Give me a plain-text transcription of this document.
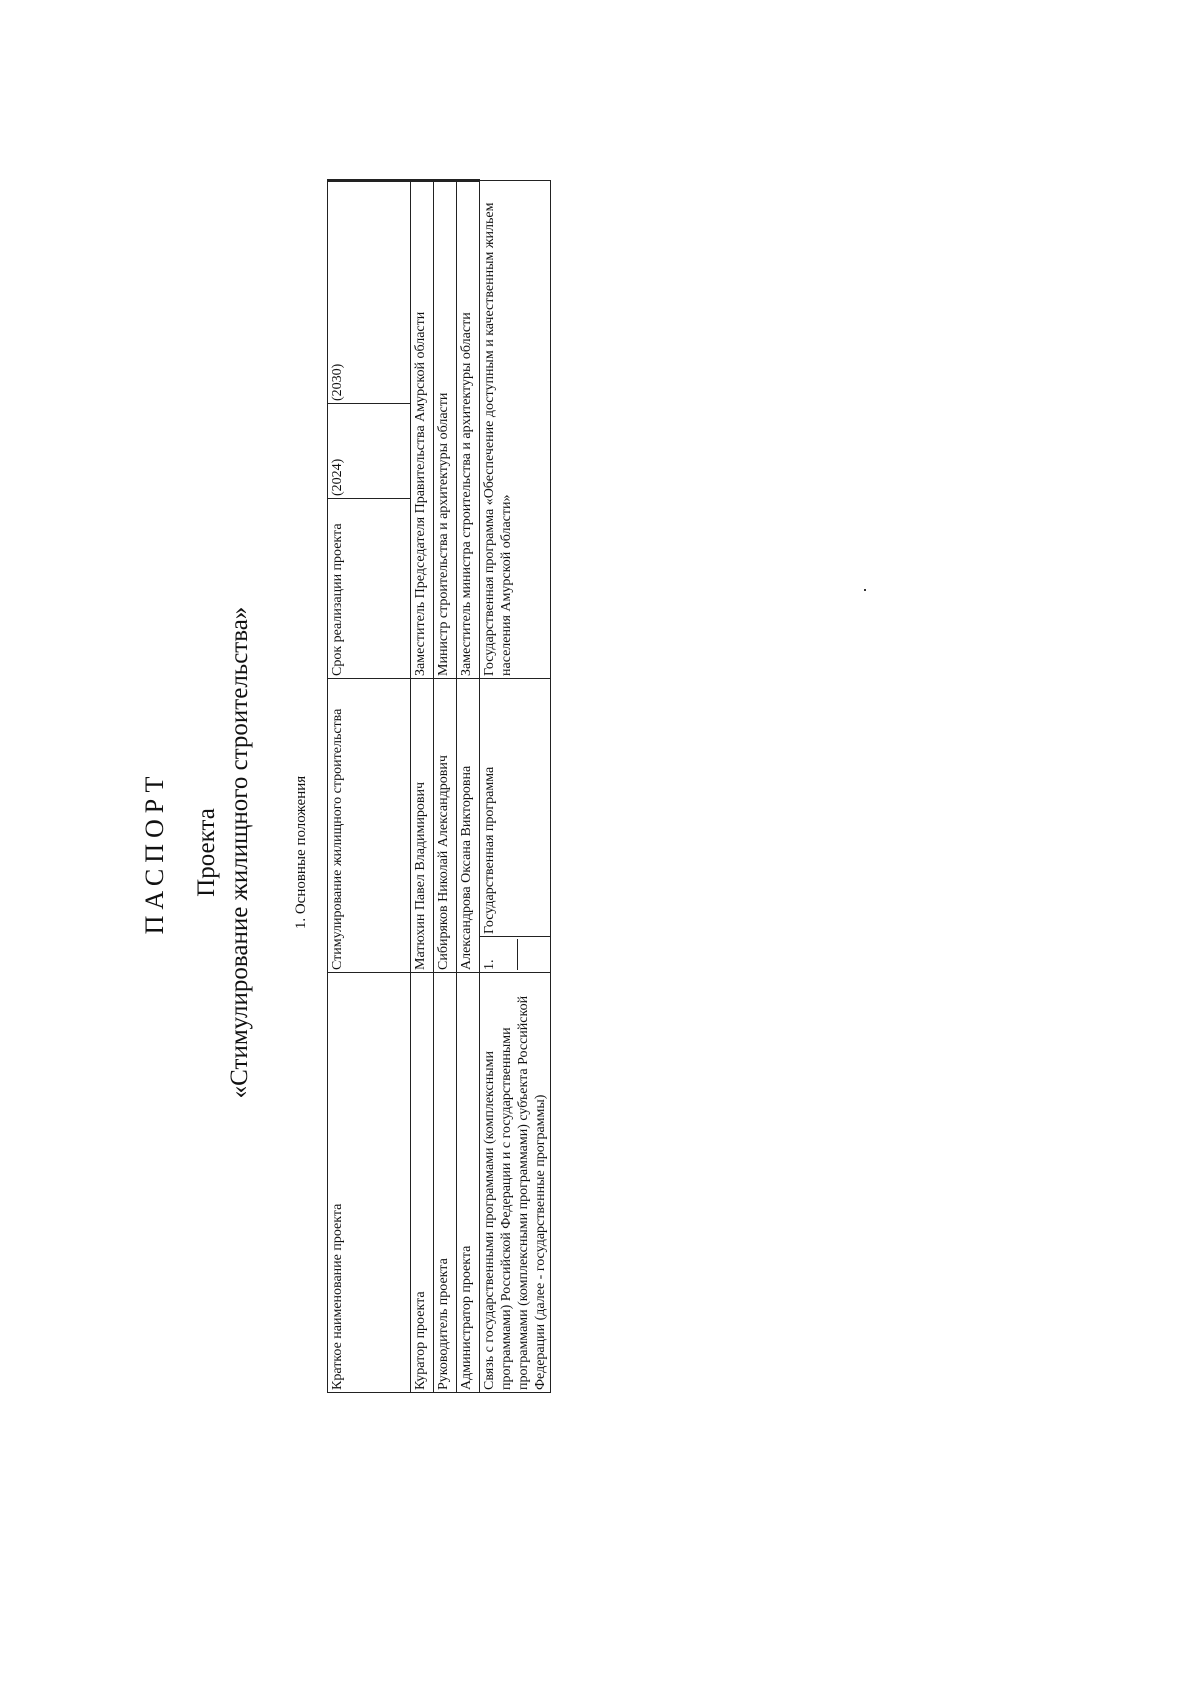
ПАСПОРТ Проекта «Стимулирование жилищного строительства»	1. Основные положения
Краткое наименование проекта	Стимулирование жилищного строительства		Срок реализации проекта	(2024)	(2030)
Куратор проекта	Матюхин Павел Владимирович		Заместитель Председателя Правительства Амурской области		
Руководитель проекта	Сибиряков Николай Александрович		Министр строительства и архитектуры области		
Администратор проекта	Александрова Оксана Викторовна		Заместитель министра строительства и архитектуры области		
Связь с государственными программами (комплексными программами) Российской Федерации и с государственными программами (комплексными программами) субъекта Российской Федерации (далее - государственные программы)	1.	Государственная программа	Государственная программа «Обеспечение доступным и качественным жильем населения Амурской области»		
